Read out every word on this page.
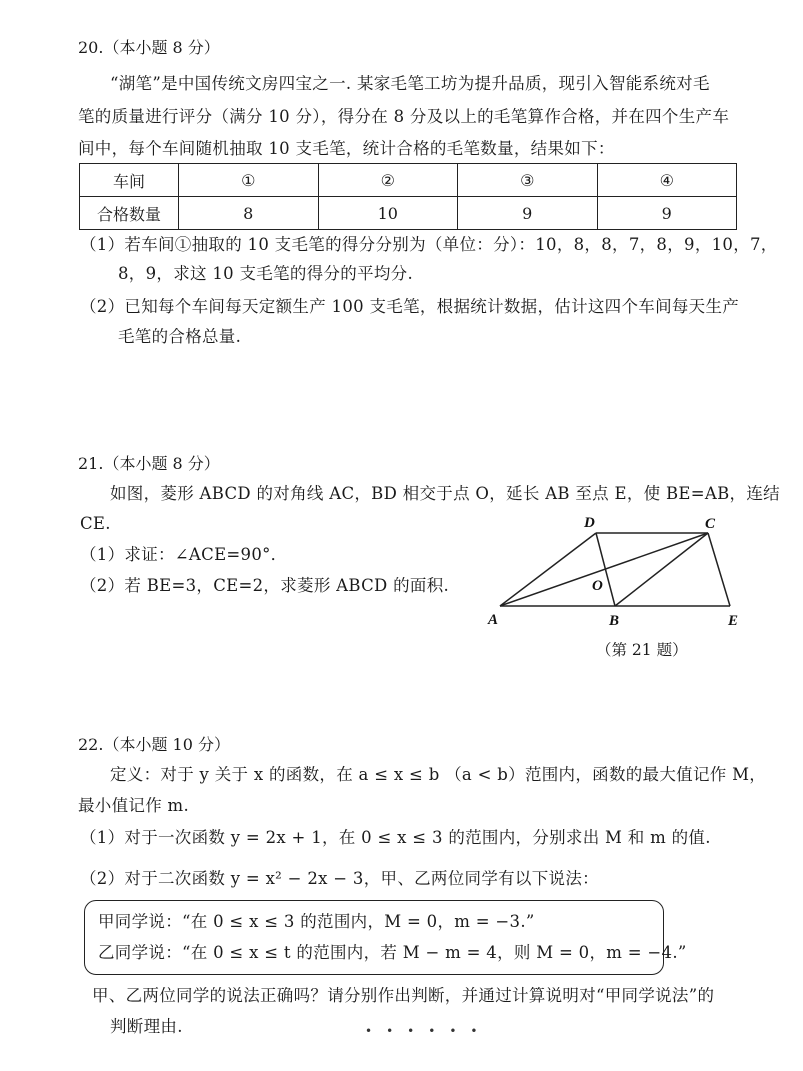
20.（本小题 8 分）
“湖笔”是中国传统文房四宝之一. 某家毛笔工坊为提升品质，现引入智能系统对毛
笔的质量进行评分（满分 10 分），得分在 8 分及以上的毛笔算作合格，并在四个生产车
间中，每个车间随机抽取 10 支毛笔，统计合格的毛笔数量，结果如下：
车间	①	②	③	④
合格数量	8	10	9	9
（1）若车间①抽取的 10 支毛笔的得分分别为（单位：分）：10，8，8，7，8，9，10，7，
8，9，求这 10 支毛笔的得分的平均分.
（2）已知每个车间每天定额生产 100 支毛笔，根据统计数据，估计这四个车间每天生产
毛笔的合格总量.
21.（本小题 8 分）
如图，菱形 ABCD 的对角线 AC，BD 相交于点 O，延长 AB 至点 E，使 BE=AB，连结
CE.
（1）求证：∠ACE=90°．
（2）若 BE=3，CE=2，求菱形 ABCD 的面积.
A	B
C
D
E
O
（第 21 题）
22.（本小题 10 分）
定义：对于 y 关于 x 的函数，在 a ≤ x ≤ b （a < b）范围内，函数的最大值记作 M，
最小值记作 m.
（1）对于一次函数 y = 2x + 1，在 0 ≤ x ≤ 3 的范围内，分别求出 M 和 m 的值.
（2）对于二次函数 y = x² − 2x − 3，甲、乙两位同学有以下说法：
甲同学说：“在 0 ≤ x ≤ 3 的范围内，M = 0，m = −3.”
乙同学说：“在 0 ≤ x ≤ t 的范围内，若 M − m = 4，则 M = 0，m = −4.”
甲、乙两位同学的说法正确吗？请分别作出判断，并通过计算说明对“甲同学说法”的
••••••
判断理由.
